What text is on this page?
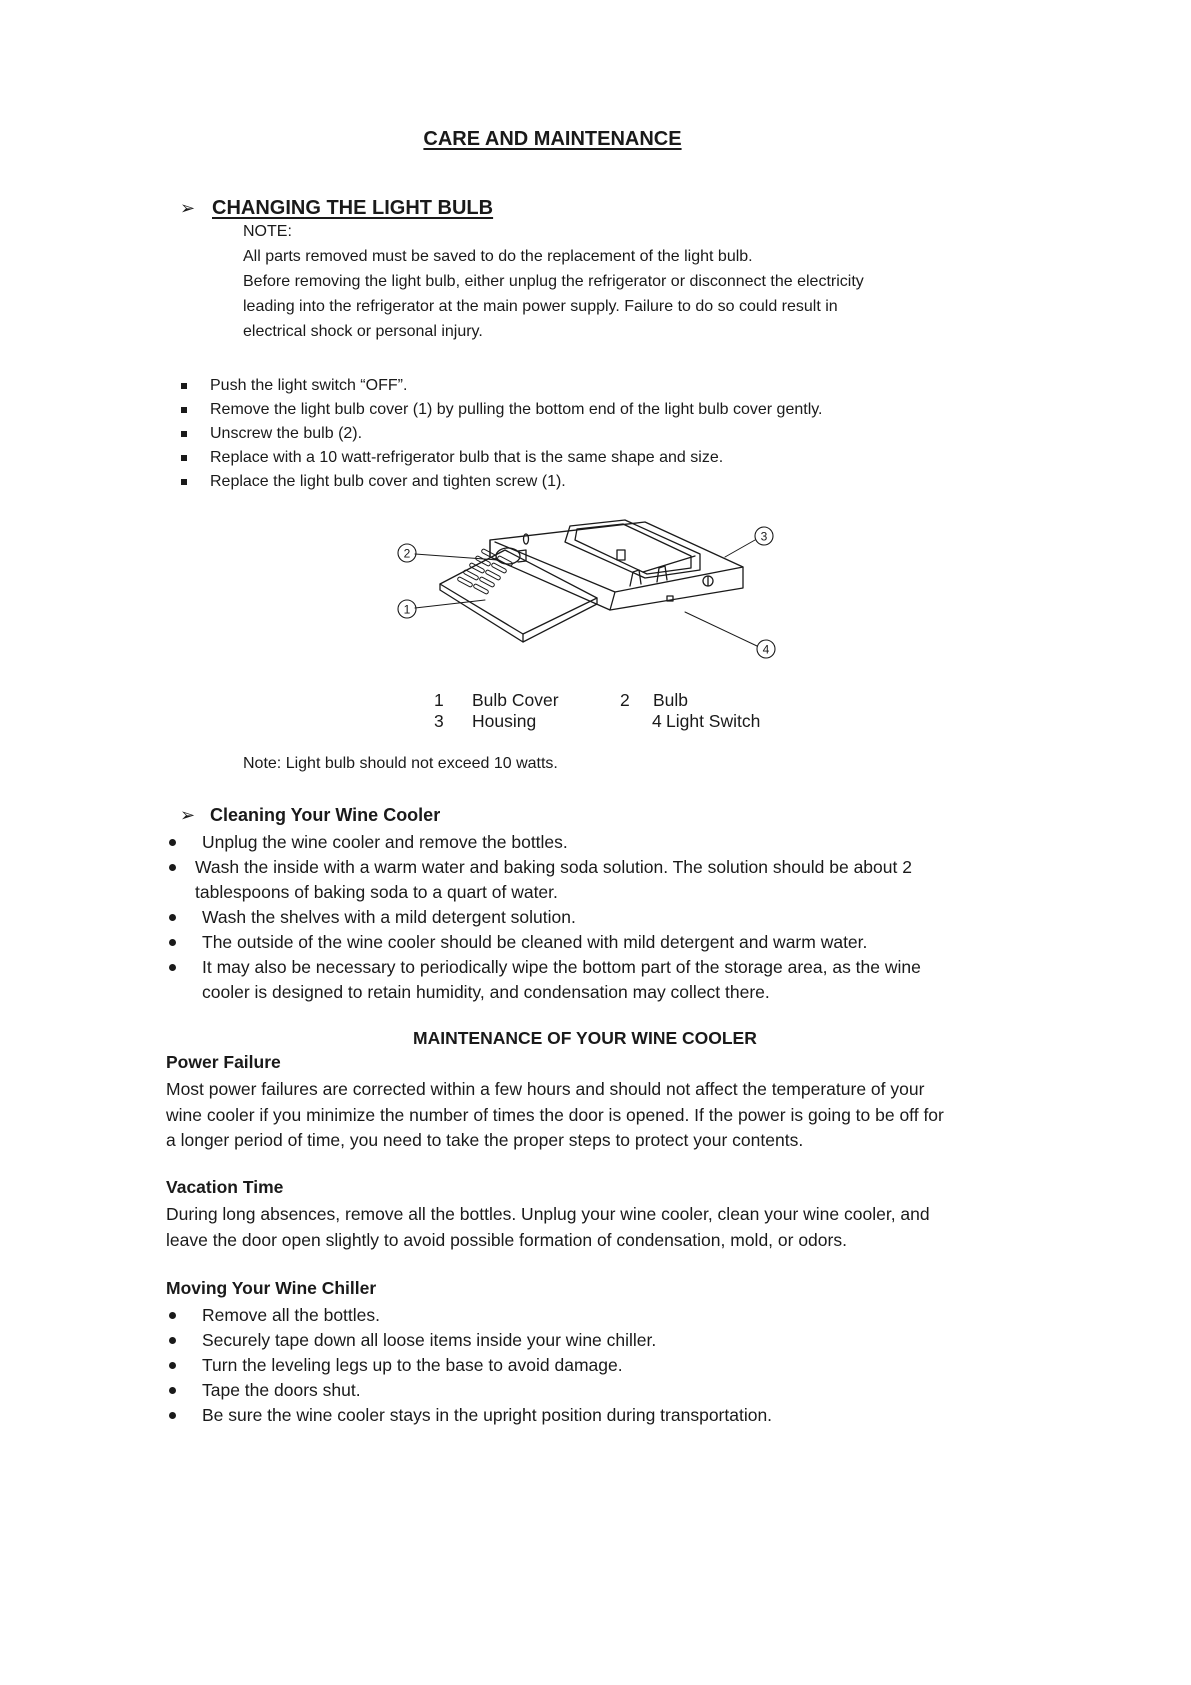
CARE AND MAINTENANCE
➢ CHANGING THE LIGHT BULB
NOTE:
All parts removed must be saved to do the replacement of the light bulb.
Before removing the light bulb, either unplug the refrigerator or disconnect the electricity
leading into the refrigerator at the main power supply. Failure to do so could result in
electrical shock or personal injury.
Push the light switch “OFF”.
Remove the light bulb cover (1) by pulling the bottom end of the light bulb cover gently.
Unscrew the bulb (2).
Replace with a 10 watt-refrigerator bulb that is the same shape and size.
Replace the light bulb cover and tighten screw (1).
2
1
3
4
1 Bulb Cover	2 Bulb
3 Housing	4 Light Switch
Note: Light bulb should not exceed 10 watts.
➢ Cleaning Your Wine Cooler
Unplug the wine cooler and remove the bottles.
Wash the inside with a warm water and baking soda solution. The solution should be about 2
tablespoons of baking soda to a quart of water.
Wash the shelves with a mild detergent solution.
The outside of the wine cooler should be cleaned with mild detergent and warm water.
It may also be necessary to periodically wipe the bottom part of the storage area, as the wine
cooler is designed to retain humidity, and condensation may collect there.
MAINTENANCE OF YOUR WINE COOLER
Power Failure
Most power failures are corrected within a few hours and should not affect the temperature of your
wine cooler if you minimize the number of times the door is opened. If the power is going to be off for
a longer period of time, you need to take the proper steps to protect your contents.
Vacation Time
During long absences, remove all the bottles. Unplug your wine cooler, clean your wine cooler, and
leave the door open slightly to avoid possible formation of condensation, mold, or odors.
Moving Your Wine Chiller
Remove all the bottles.
Securely tape down all loose items inside your wine chiller.
Turn the leveling legs up to the base to avoid damage.
Tape the doors shut.
Be sure the wine cooler stays in the upright position during transportation.
